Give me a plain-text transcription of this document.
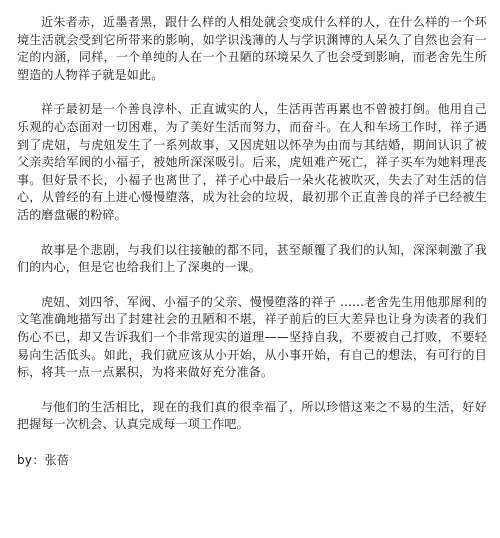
近朱者赤，近墨者黑，跟什么样的人相处就会变成什么样的人，在什么样的一个环境生活就会受到它所带来的影响，如学识浅薄的人与学识渊博的人呆久了自然也会有一定的内涵，同样，一个单纯的人在一个丑陋的环境呆久了也会受到影响，而老舍先生所塑造的人物祥子就是如此。

祥子最初是一个善良淳朴、正直诚实的人，生活再苦再累也不曾被打倒。他用自己乐观的心态面对一切困难，为了美好生活而努力，而奋斗。在人和车场工作时，祥子遇到了虎妞，与虎妞发生了一系列故事，又因虎妞以怀孕为由而与其结婚，期间认识了被父亲卖给军阀的小福子，被她所深深吸引。后来，虎妞难产死亡，祥子买车为她料理丧事。但好景不长，小福子也离世了，祥子心中最后一朵火花被吹灭，失去了对生活的信心，从曾经的有上进心慢慢堕落，成为社会的垃圾，最初那个正直善良的祥子已经被生活的磨盘碾的粉碎。

故事是个悲剧，与我们以往接触的都不同，甚至颠覆了我们的认知，深深刺激了我们的内心，但是它也给我们上了深奥的一课。

虎妞、刘四爷、军阀、小福子的父亲、慢慢堕落的祥子 ......老舍先生用他那犀利的文笔准确地描写出了封建社会的丑陋和不堪，祥子前后的巨大差异也让身为读者的我们伤心不已，却又告诉我们一个非常现实的道理——坚持自我，不要被自己打败，不要轻易向生活低头。如此，我们就应该从小开始，从小事开始，有自己的想法，有可行的目标，将其一点一点累积，为将来做好充分准备。

与他们的生活相比，现在的我们真的很幸福了，所以珍惜这来之不易的生活，好好把握每一次机会、认真完成每一项工作吧。

by：张蓓
